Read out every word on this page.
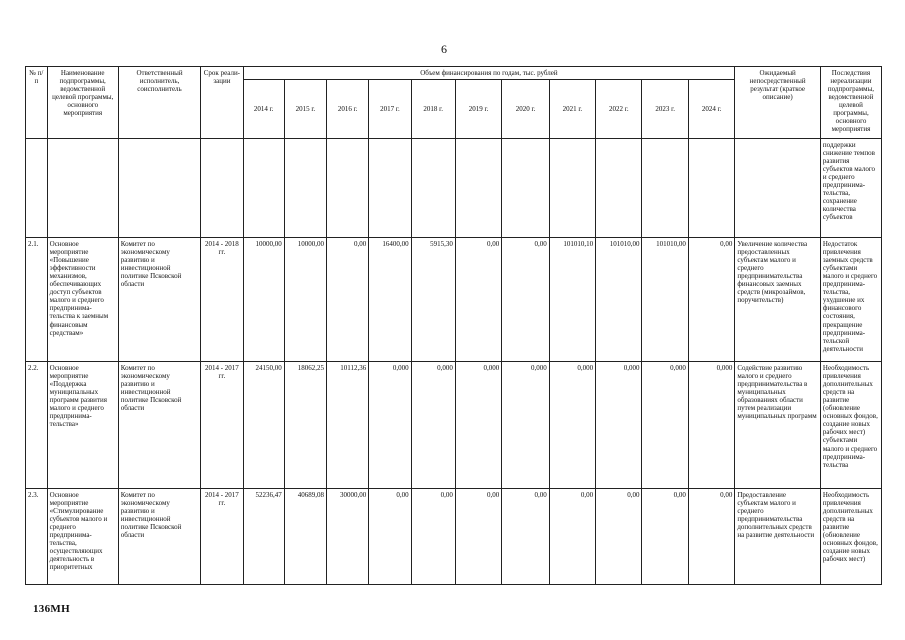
6
№ п/п	Наименование подпрограммы, ведомственной целевой программы, основного мероприятия	Ответственный исполнитель, соисполнитель	Срок реали-зации	Объем финансирования по годам, тыс. рублей											Ожидаемый непосредственный результат (краткое описание)	Последствия нереализации подпрограммы, ведомственной целевой программы, основного мероприятия
				2014 г.	2015 г.	2016 г.	2017 г.	2018 г.	2019 г.	2020 г.	2021 г.	2022 г.	2023 г.	2024 г.		
																поддержки снижение темпов развития субъектов малого и среднего предпринима-тельства, сохранение количества субъектов
2.1.	Основное мероприятие «Повышение эффективности механизмов, обеспечивающих доступ субъектов малого и среднего предпринима-тельства к заемным финансовым средствам»	Комитет по экономическому развитию и инвестиционной политике Псковской области	2014 - 2018 гг.	10000,00	10000,00	0,00	16400,00	5915,30	0,00	0,00	101010,10	101010,00	101010,00	0,00	Увеличение количества предоставленных субъектам малого и среднего предпринимательства финансовых заемных средств (микрозаймов, поручительств)	Недостаток привлечения заемных средств субъектами малого и среднего предпринима-тельства, ухудшение их финансового состояния, прекращение предпринима-тельской деятельности
2.2.	Основное мероприятие «Поддержка муниципальных программ развития малого и среднего предпринима-тельства»	Комитет по экономическому развитию и инвестиционной политике Псковской области	2014 - 2017 гг.	24150,00	18062,25	10112,36	0,000	0,000	0,000	0,000	0,000	0,000	0,000	0,000	Содействие развитию малого и среднего предпринимательства в муниципальных образованиях области путем реализации муниципальных программ	Необходимость привлечения дополнительных средств на развитие (обновление основных фондов, создание новых рабочих мест) субъектами малого и среднего предпринима-тельства
2.3.	Основное мероприятие «Стимулирование субъектов малого и среднего предпринима-тельства, осуществляющих деятельность в приоритетных	Комитет по экономическому развитию и инвестиционной политике Псковской области	2014 - 2017 гг.	52236,47	40689,08	30000,00	0,00	0,00	0,00	0,00	0,00	0,00	0,00	0,00	Предоставление субъектам малого и среднего предпринимательства дополнительных средств на развитие деятельности	Необходимость привлечения дополнительных средств на развитие (обновление основных фондов, создание новых рабочих мест)
136МН
